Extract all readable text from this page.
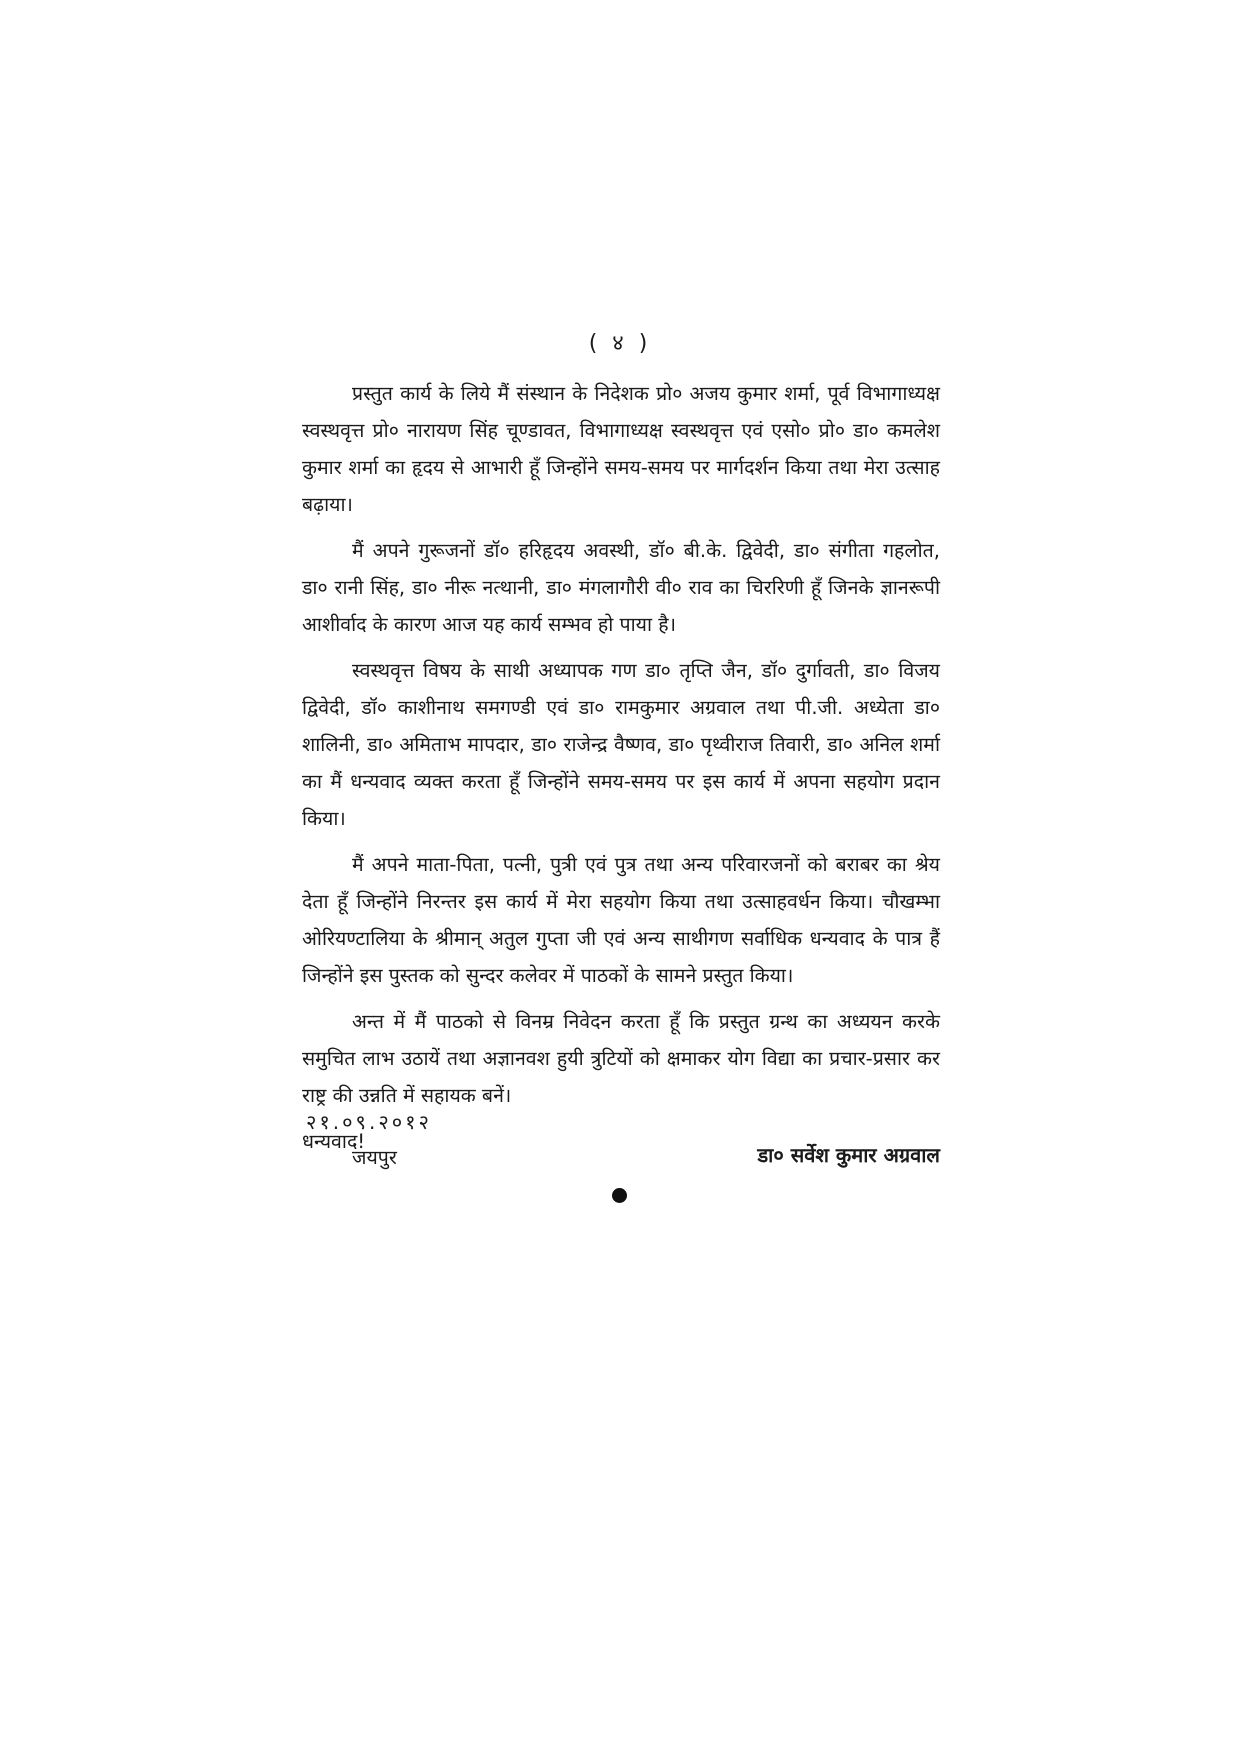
( ४ )

प्रस्तुत कार्य के लिये मैं संस्थान के निदेशक प्रो० अजय कुमार शर्मा, पूर्व विभागाध्यक्ष स्वस्थवृत्त प्रो० नारायण सिंह चूण्डावत, विभागाध्यक्ष स्वस्थवृत्त एवं एसो० प्रो० डा० कमलेश कुमार शर्मा का हृदय से आभारी हूँ जिन्होंने समय-समय पर मार्गदर्शन किया तथा मेरा उत्साह बढ़ाया।

मैं अपने गुरूजनों डॉ० हरिहृदय अवस्थी, डॉ० बी.के. द्विवेदी, डा० संगीता गहलोत, डा० रानी सिंह, डा० नीरू नत्थानी, डा० मंगलागौरी वी० राव का चिररिणी हूँ जिनके ज्ञानरूपी आशीर्वाद के कारण आज यह कार्य सम्भव हो पाया है।

स्वस्थवृत्त विषय के साथी अध्यापक गण डा० तृप्ति जैन, डॉ० दुर्गावती, डा० विजय द्विवेदी, डॉ० काशीनाथ समगण्डी एवं डा० रामकुमार अग्रवाल तथा पी.जी. अध्येता डा० शालिनी, डा० अमिताभ मापदार, डा० राजेन्द्र वैष्णव, डा० पृथ्वीराज तिवारी, डा० अनिल शर्मा का मैं धन्यवाद व्यक्त करता हूँ जिन्होंने समय-समय पर इस कार्य में अपना सहयोग प्रदान किया।

मैं अपने माता-पिता, पत्नी, पुत्री एवं पुत्र तथा अन्य परिवारजनों को बराबर का श्रेय देता हूँ जिन्होंने निरन्तर इस कार्य में मेरा सहयोग किया तथा उत्साहवर्धन किया। चौखम्भा ओरियण्टालिया के श्रीमान् अतुल गुप्ता जी एवं अन्य साथीगण सर्वाधिक धन्यवाद के पात्र हैं जिन्होंने इस पुस्तक को सुन्दर कलेवर में पाठकों के सामने प्रस्तुत किया।

अन्त में मैं पाठको से विनम्र निवेदन करता हूँ कि प्रस्तुत ग्रन्थ का अध्ययन करके समुचित लाभ उठायें तथा अज्ञानवश हुयी त्रुटियों को क्षमाकर योग विद्या का प्रचार-प्रसार कर राष्ट्र की उन्नति में सहायक बनें।

धन्यवाद!

२१.०९.२०१२
जयपुर	डा० सर्वेश कुमार अग्रवाल
